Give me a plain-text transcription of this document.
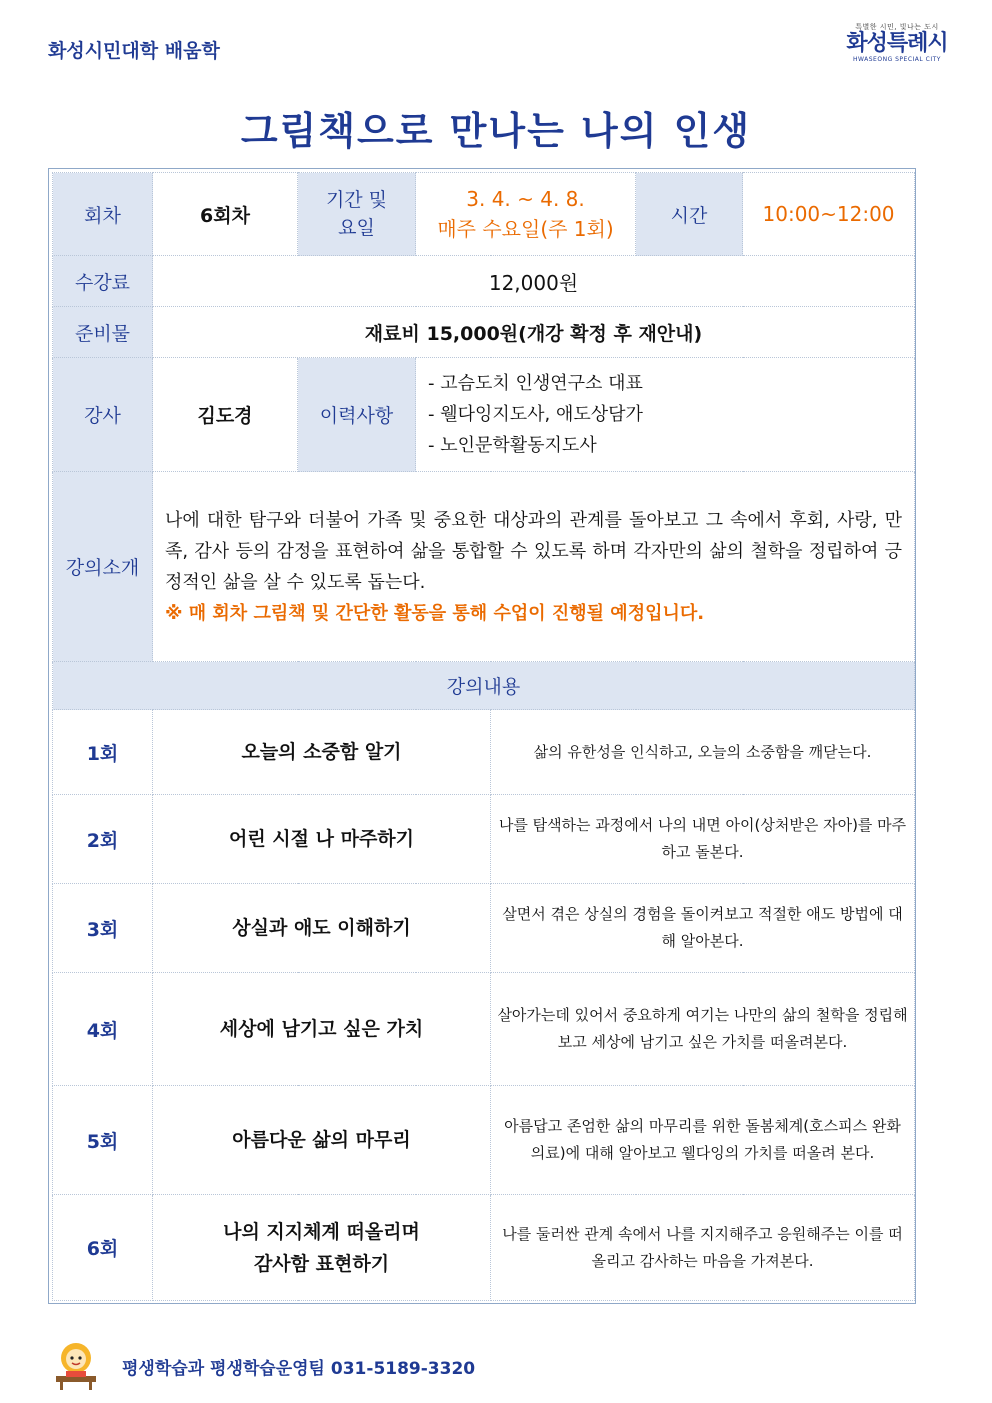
화성시민대학 배움학
특별한 시민, 빛나는 도시
화성특례시
HWASEONG SPECIAL CITY
그림책으로 만나는 나의 인생
회차	6회차	기간 및 요일	3. 4. ~ 4. 8.
매주 수요일(주 1회)		시간	10:00~12:00
수강료	12,000원					
준비물	재료비 15,000원(개강 확정 후 재안내)					
강사	김도경	이력사항	- 고슴도치 인생연구소 대표
- 웰다잉지도사, 애도상담가
- 노인문학활동지도사			

강의소개	나에 대한 탐구와 더불어 가족 및 중요한 대상과의 관계를 돌아보고 그 속에서 후회, 사랑, 만족, 감사 등의 감정을 표현하여 삶을 통합할 수 있도록 하며 각자만의 삶의 철학을 정립하여 긍정적인 삶을 살 수 있도록 돕는다.
※ 매 회차 그림책 및 간단한 활동을 통해 수업이 진행될 예정입니다.					

강의내용						
1회	오늘의 소중함 알기			삶의 유한성을 인식하고, 오늘의 소중함을 깨닫는다.		
2회	어린 시절 나 마주하기			나를 탐색하는 과정에서 나의 내면 아이(상처받은 자아)를 마주하고 돌본다.		
3회	상실과 애도 이해하기			살면서 겪은 상실의 경험을 돌이켜보고 적절한 애도 방법에 대해 알아본다.		
4회	세상에 남기고 싶은 가치			살아가는데 있어서 중요하게 여기는 나만의 삶의 철학을 정립해보고 세상에 남기고 싶은 가치를 떠올려본다.		
5회	아름다운 삶의 마무리			아름답고 존엄한 삶의 마무리를 위한 돌봄체계(호스피스 완화의료)에 대해 알아보고 웰다잉의 가치를 떠올려 본다.		
6회	나의 지지체계 떠올리며 감사함 표현하기			나를 둘러싼 관계 속에서 나를 지지해주고 응원해주는 이를 떠올리고 감사하는 마음을 가져본다.		
평생학습과 평생학습운영팀 031-5189-3320
